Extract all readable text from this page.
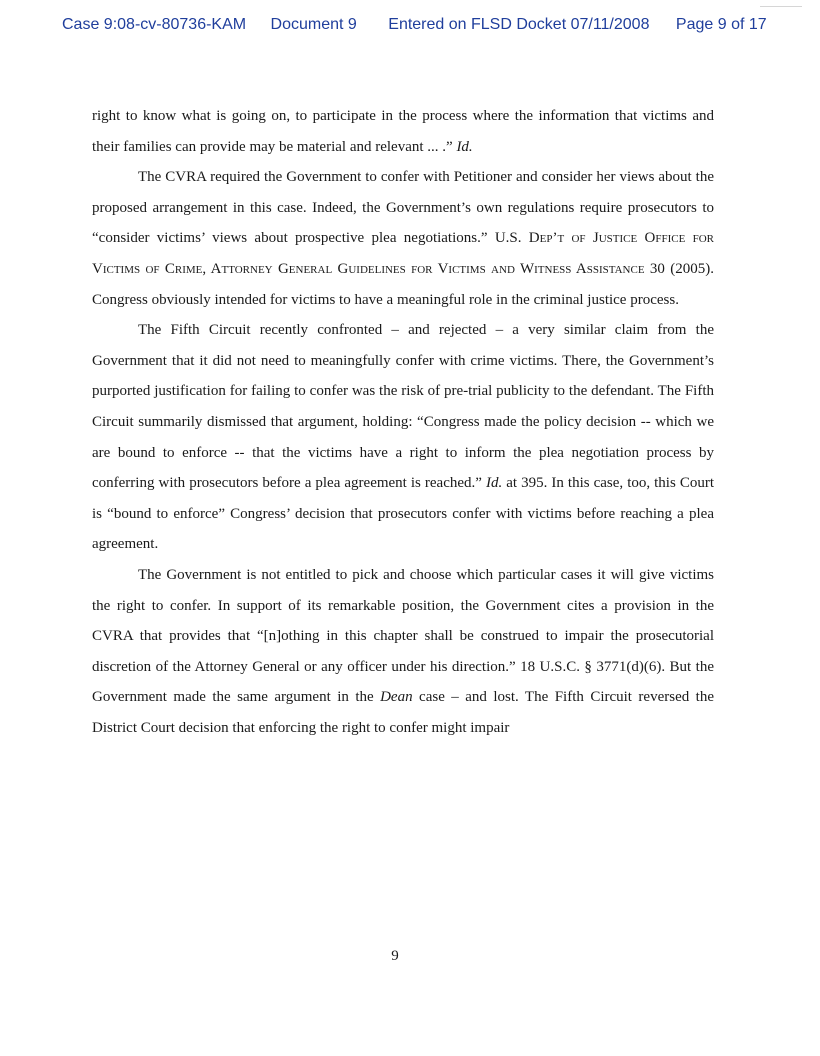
Case 9:08-cv-80736-KAM Document 9 Entered on FLSD Docket 07/11/2008 Page 9 of 17

right to know what is going on, to participate in the process where the information that victims and their families can provide may be material and relevant ... .” Id.

The CVRA required the Government to confer with Petitioner and consider her views about the proposed arrangement in this case. Indeed, the Government’s own regulations require prosecutors to “consider victims’ views about prospective plea negotiations.” U.S. Dep’t of Justice Office for Victims of Crime, Attorney General Guidelines for Victims and Witness Assistance 30 (2005). Congress obviously intended for victims to have a meaningful role in the criminal justice process.

The Fifth Circuit recently confronted – and rejected – a very similar claim from the Government that it did not need to meaningfully confer with crime victims. There, the Government’s purported justification for failing to confer was the risk of pre-trial publicity to the defendant. The Fifth Circuit summarily dismissed that argument, holding: “Congress made the policy decision -- which we are bound to enforce -- that the victims have a right to inform the plea negotiation process by conferring with prosecutors before a plea agreement is reached.” Id. at 395. In this case, too, this Court is “bound to enforce” Congress’ decision that prosecutors confer with victims before reaching a plea agreement.

The Government is not entitled to pick and choose which particular cases it will give victims the right to confer. In support of its remarkable position, the Government cites a provision in the CVRA that provides that “[n]othing in this chapter shall be construed to impair the prosecutorial discretion of the Attorney General or any officer under his direction.” 18 U.S.C. § 3771(d)(6). But the Government made the same argument in the Dean case – and lost. The Fifth Circuit reversed the District Court decision that enforcing the right to confer might impair

9
